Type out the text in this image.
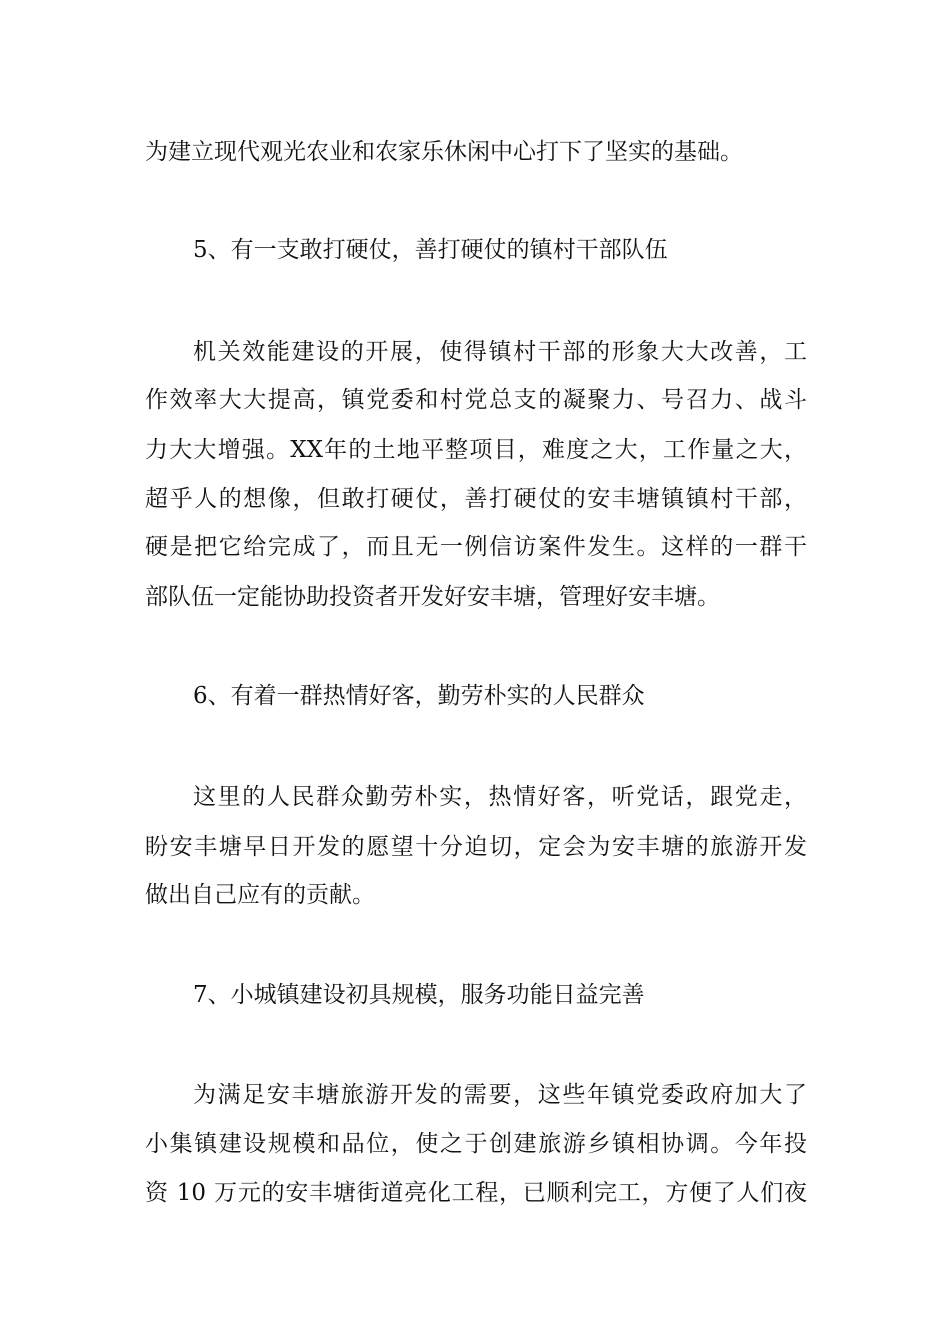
为建立现代观光农业和农家乐休闲中心打下了坚实的基础。
5、有一支敢打硬仗，善打硬仗的镇村干部队伍
机关效能建设的开展，使得镇村干部的形象大大改善，工
作效率大大提高，镇党委和村党总支的凝聚力、号召力、战斗
力大大增强。XX年的土地平整项目，难度之大，工作量之大，
超乎人的想像，但敢打硬仗，善打硬仗的安丰塘镇镇村干部，
硬是把它给完成了，而且无一例信访案件发生。这样的一群干
部队伍一定能协助投资者开发好安丰塘，管理好安丰塘。
6、有着一群热情好客，勤劳朴实的人民群众
这里的人民群众勤劳朴实，热情好客，听党话，跟党走，
盼安丰塘早日开发的愿望十分迫切，定会为安丰塘的旅游开发
做出自己应有的贡献。
7、小城镇建设初具规模，服务功能日益完善
为满足安丰塘旅游开发的需要，这些年镇党委政府加大了
小集镇建设规模和品位，使之于创建旅游乡镇相协调。今年投
资 10 万元的安丰塘街道亮化工程，已顺利完工，方便了人们夜
